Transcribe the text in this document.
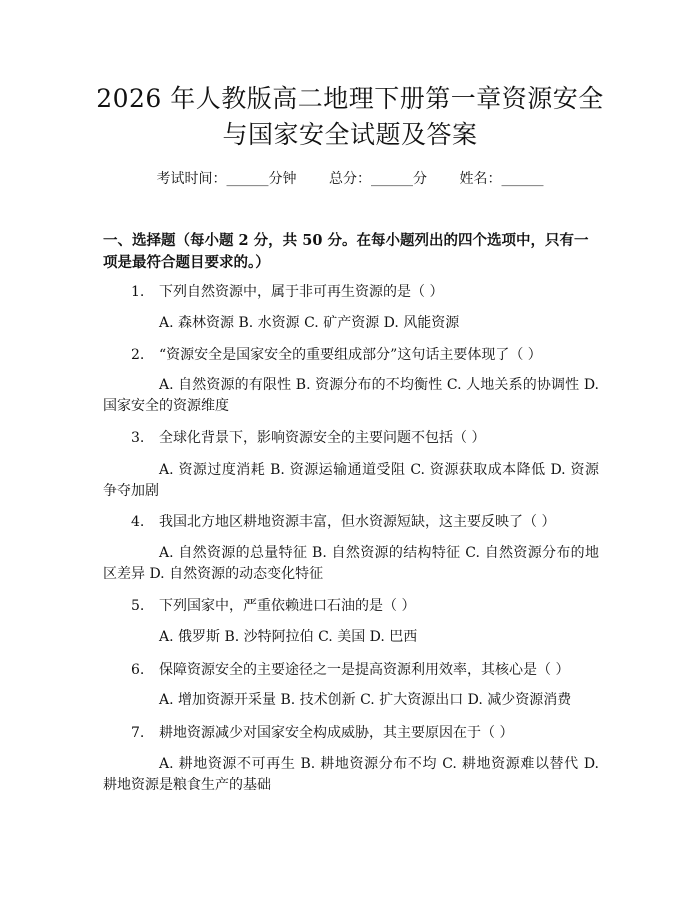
2026 年人教版高二地理下册第一章资源安全
与国家安全试题及答案
考试时间：______分钟 总分：______分 姓名：______

一、选择题（每小题 2 分，共 50 分。在每小题列出的四个选项中，只有一项是最符合题目要求的。）

1. 下列自然资源中，属于非可再生资源的是（ ）
A. 森林资源 B. 水资源 C. 矿产资源 D. 风能资源
2. “资源安全是国家安全的重要组成部分”这句话主要体现了（ ）
A. 自然资源的有限性 B. 资源分布的不均衡性 C. 人地关系的协调性 D. 国家安全的资源维度
3. 全球化背景下，影响资源安全的主要问题不包括（ ）
A. 资源过度消耗 B. 资源运输通道受阻 C. 资源获取成本降低 D. 资源争夺加剧
4. 我国北方地区耕地资源丰富，但水资源短缺，这主要反映了（ ）
A. 自然资源的总量特征 B. 自然资源的结构特征 C. 自然资源分布的地区差异 D. 自然资源的动态变化特征
5. 下列国家中，严重依赖进口石油的是（ ）
A. 俄罗斯 B. 沙特阿拉伯 C. 美国 D. 巴西
6. 保障资源安全的主要途径之一是提高资源利用效率，其核心是（ ）
A. 增加资源开采量 B. 技术创新 C. 扩大资源出口 D. 减少资源消费
7. 耕地资源减少对国家安全构成威胁，其主要原因在于（ ）
A. 耕地资源不可再生 B. 耕地资源分布不均 C. 耕地资源难以替代 D. 耕地资源是粮食生产的基础
